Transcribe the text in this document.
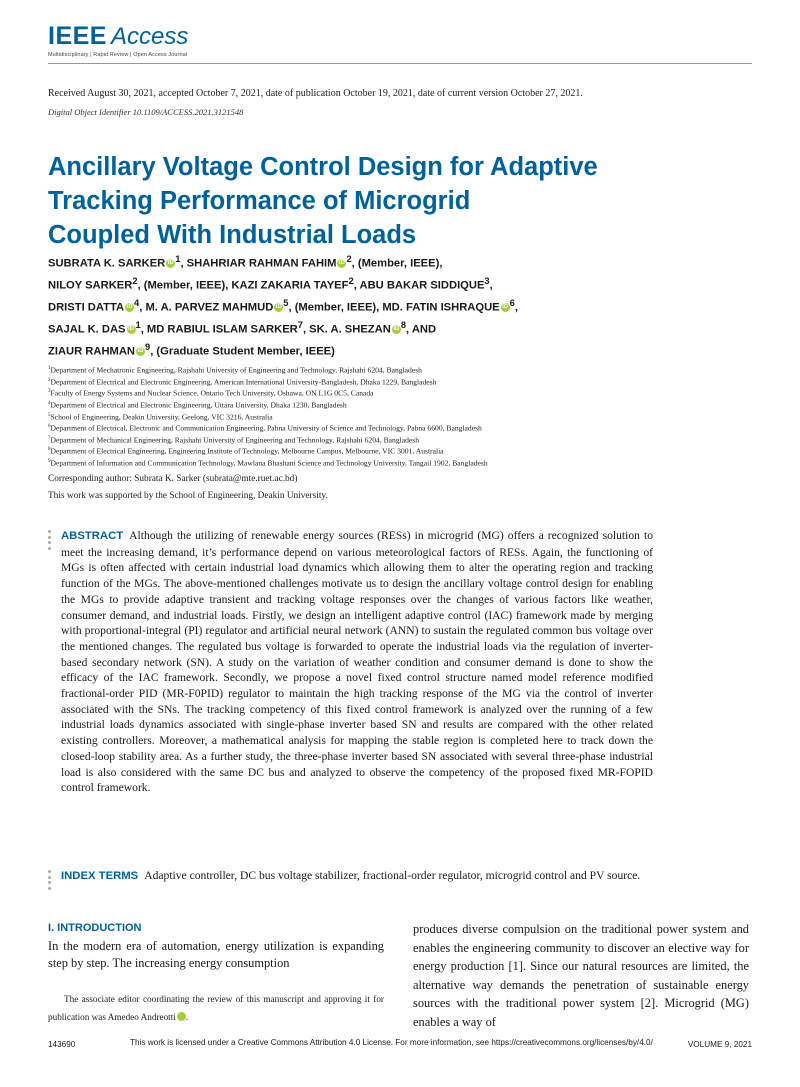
IEEE Access
Multidisciplinary | Rapid Review | Open Access Journal
Received August 30, 2021, accepted October 7, 2021, date of publication October 19, 2021, date of current version October 27, 2021.
Digital Object Identifier 10.1109/ACCESS.2021.3121548
Ancillary Voltage Control Design for Adaptive
Tracking Performance of Microgrid
Coupled With Industrial Loads
SUBRATA K. SARKER iD $^1$, SHAHRIAR RAHMAN FAHIM iD $^2$, (Member, IEEE),
NILOY SARKER$^2$, (Member, IEEE), KAZI ZAKARIA TAYEF$^2$, ABU BAKAR SIDDIQUE$^3$,
DRISTI DATTA iD $^4$, M. A. PARVEZ MAHMUD iD $^5$, (Member, IEEE), MD. FATIN ISHRAQUE iD $^6$,
SAJAL K. DAS iD $^1$, MD RABIUL ISLAM SARKER$^7$, SK. A. SHEZAN iD $^8$, AND
ZIAUR RAHMAN iD $^9$, (Graduate Student Member, IEEE)
$^1$Department of Mechatronic Engineering, Rajshahi University of Engineering and Technology, Rajshahi 6204, Bangladesh
$^2$Department of Electrical and Electronic Engineering, American International University-Bangladesh, Dhaka 1229, Bangladesh
$^3$Faculty of Energy Systems and Nuclear Science, Ontario Tech University, Oshawa, ON L1G 0C5, Canada
$^4$Department of Electrical and Electronic Engineering, Uttara University, Dhaka 1230, Bangladesh
$^5$School of Engineering, Deakin University, Geelong, VIC 3216, Australia
$^6$Department of Electrical, Electronic and Communication Engineering, Pabna University of Science and Technology, Pabna 6600, Bangladesh
$^7$Department of Mechanical Engineering, Rajshahi University of Engineering and Technology, Rajshahi 6204, Bangladesh
$^8$Department of Electrical Engineering, Engineering Institute of Technology, Melbourne Campus, Melbourne, VIC 3001, Australia
$^9$Department of Information and Communication Technology, Mawlana Bhashani Science and Technology University, Tangail 1902, Bangladesh
Corresponding author: Subrata K. Sarker (subrata@mte.ruet.ac.bd)
This work was supported by the School of Engineering, Deakin University.
ABSTRACT Although the utilizing of renewable energy sources (RESs) in microgrid (MG) offers a recognized solution to meet the increasing demand, it’s performance depend on various meteorological factors of RESs. Again, the functioning of MGs is often affected with certain industrial load dynamics which allowing them to alter the operating region and tracking function of the MGs. The above-mentioned challenges motivate us to design the ancillary voltage control design for enabling the MGs to provide adaptive transient and tracking voltage responses over the changes of various factors like weather, consumer demand, and industrial loads. Firstly, we design an intelligent adaptive control (IAC) framework made by merging with proportional-integral (PI) regulator and artificial neural network (ANN) to sustain the regulated common bus voltage over the mentioned changes. The regulated bus voltage is forwarded to operate the industrial loads via the regulation of inverter-based secondary network (SN). A study on the variation of weather condition and consumer demand is done to show the efficacy of the IAC framework. Secondly, we propose a novel fixed control structure named model reference modified fractional-order PID (MR-F0PID) regulator to maintain the high tracking response of the MG via the control of inverter associated with the SNs. The tracking competency of this fixed control framework is analyzed over the running of a few industrial loads dynamics associated with single-phase inverter based SN and results are compared with the other related existing controllers. Moreover, a mathematical analysis for mapping the stable region is completed here to track down the closed-loop stability area. As a further study, the three-phase inverter based SN associated with several three-phase industrial load is also considered with the same DC bus and analyzed to observe the competency of the proposed fixed MR-FOPID control framework.
INDEX TERMS Adaptive controller, DC bus voltage stabilizer, fractional-order regulator, microgrid control and PV source.
I. INTRODUCTION
In the modern era of automation, energy utilization is expanding step by step. The increasing energy consumption
The associate editor coordinating the review of this manuscript and approving it for publication was Amedeo Andreotti	iD.
produces diverse compulsion on the traditional power system and enables the engineering community to discover an elective way for energy production [1]. Since our natural resources are limited, the alternative way demands the penetration of sustainable energy sources with the traditional power system [2]. Microgrid (MG) enables a way of
143690	This work is licensed under a Creative Commons Attribution 4.0 License. For more information, see https://creativecommons.org/licenses/by/4.0/	VOLUME 9, 2021
